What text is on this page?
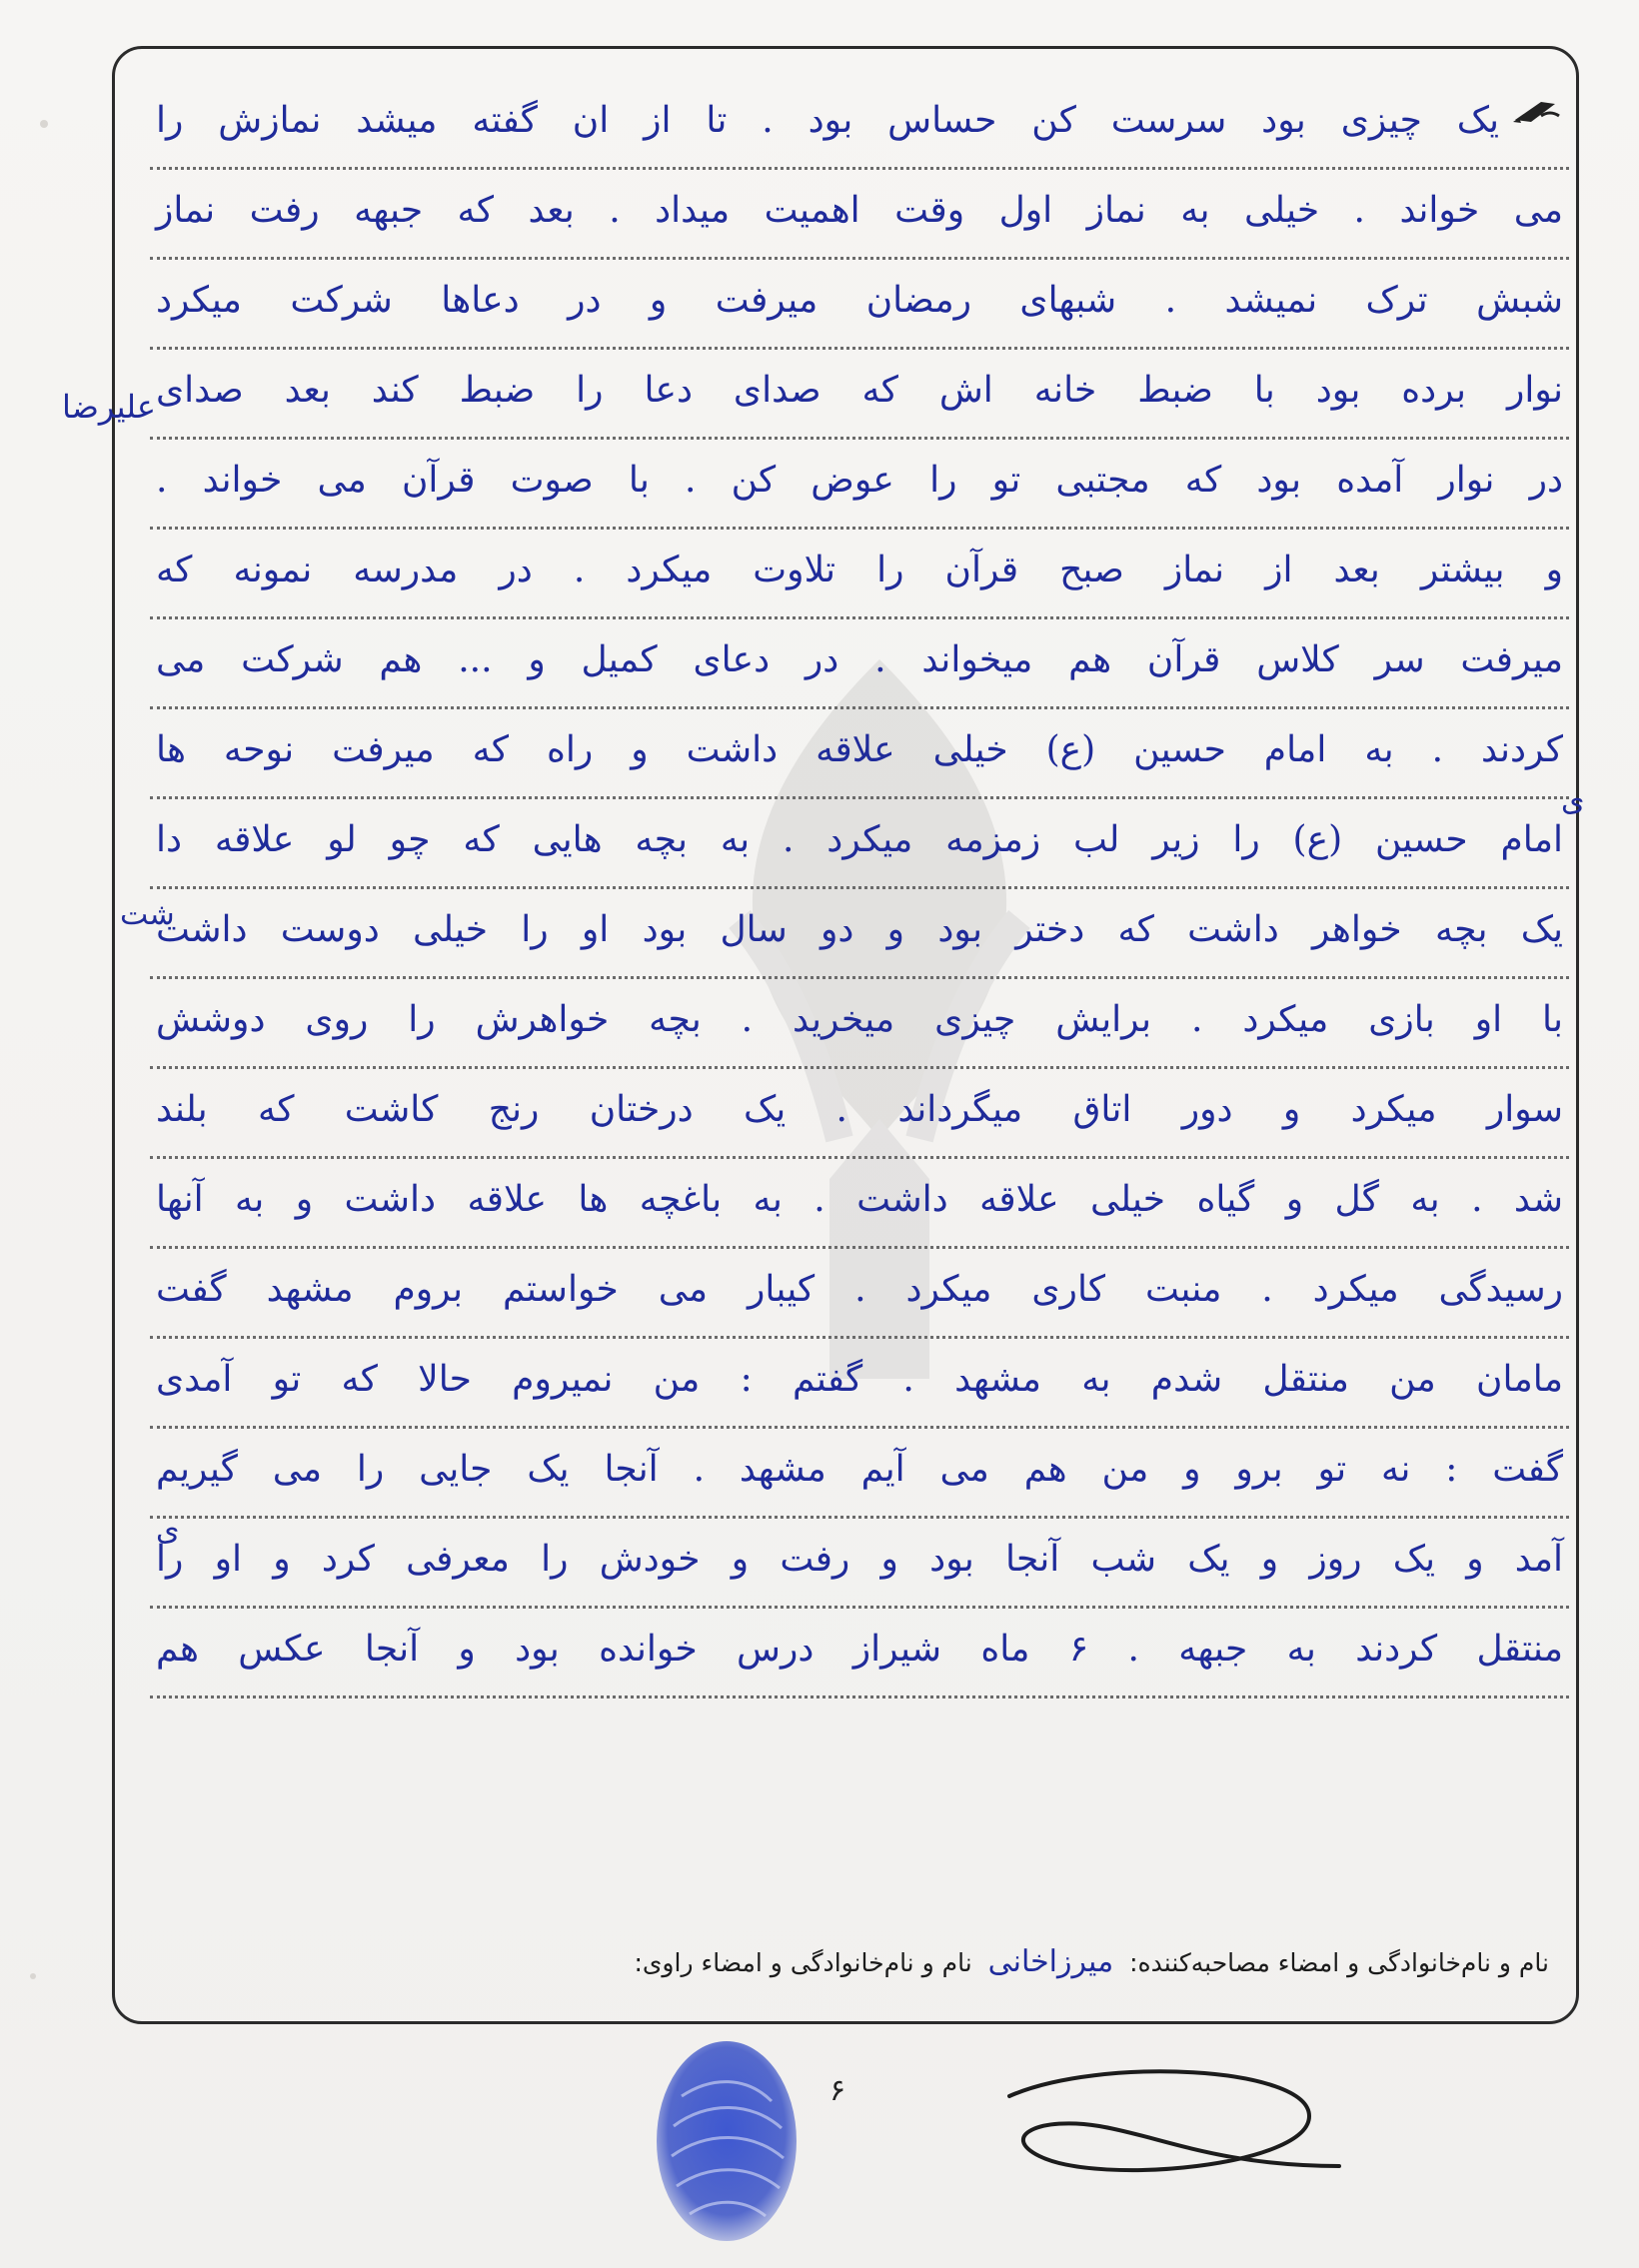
یک چیزی بود سرست کن حساس بود . تا از ان گفته میشد نمازش را
می خواند . خیلی به نماز اول وقت اهمیت میداد . بعد که جبهه رفت نماز
شبش ترک نمیشد . شبهای رمضان میرفت و در دعاها شرکت میکرد
نوار برده بود با ضبط خانه اش که صدای دعا را ضبط کند بعد صدای
در نوار آمده بود که مجتبی تو را عوض کن . با صوت قرآن می خواند .
و بیشتر بعد از نماز صبح قرآن را تلاوت میکرد . در مدرسه نمونه که
میرفت سر کلاس قرآن هم میخواند . در دعای کمیل و ... هم شرکت می
کردند . به امام حسین (ع) خیلی علاقه داشت و راه که میرفت نوحه ها
امام حسین (ع) را زیر لب زمزمه میکرد . به بچه هایی که چو لو علاقه دا
یک بچه خواهر داشت که دختر بود و دو سال بود او را خیلی دوست داشت
با او بازی میکرد . برایش چیزی میخرید . بچه خواهرش را روی دوشش
سوار میکرد و دور اتاق میگرداند . یک درختان رنج کاشت که بلند
شد . به گل و گیاه خیلی علاقه داشت . به باغچه ها علاقه داشت و به آنها
رسیدگی میکرد . منبت کاری میکرد . کیبار می خواستم بروم مشهد گفت
مامان من منتقل شدم به مشهد . گفتم : من نمیروم حالا که تو آمدی
گفت : نه تو برو و من هم می آیم مشهد . آنجا یک جایی را می گیریم
آمد و یک روز و یک شب آنجا بود و رفت و خودش را معرفی کرد و او را
منتقل کردند به جبهه . ۶ ماه شیراز درس خوانده بود و آنجا عکس هم
علیرضا
ی
شت
ی
نام و نام‌خانوادگی و امضاء مصاحبه‌کننده: میرزاخانی نام و نام‌خانوادگی و امضاء راوی:
۶
